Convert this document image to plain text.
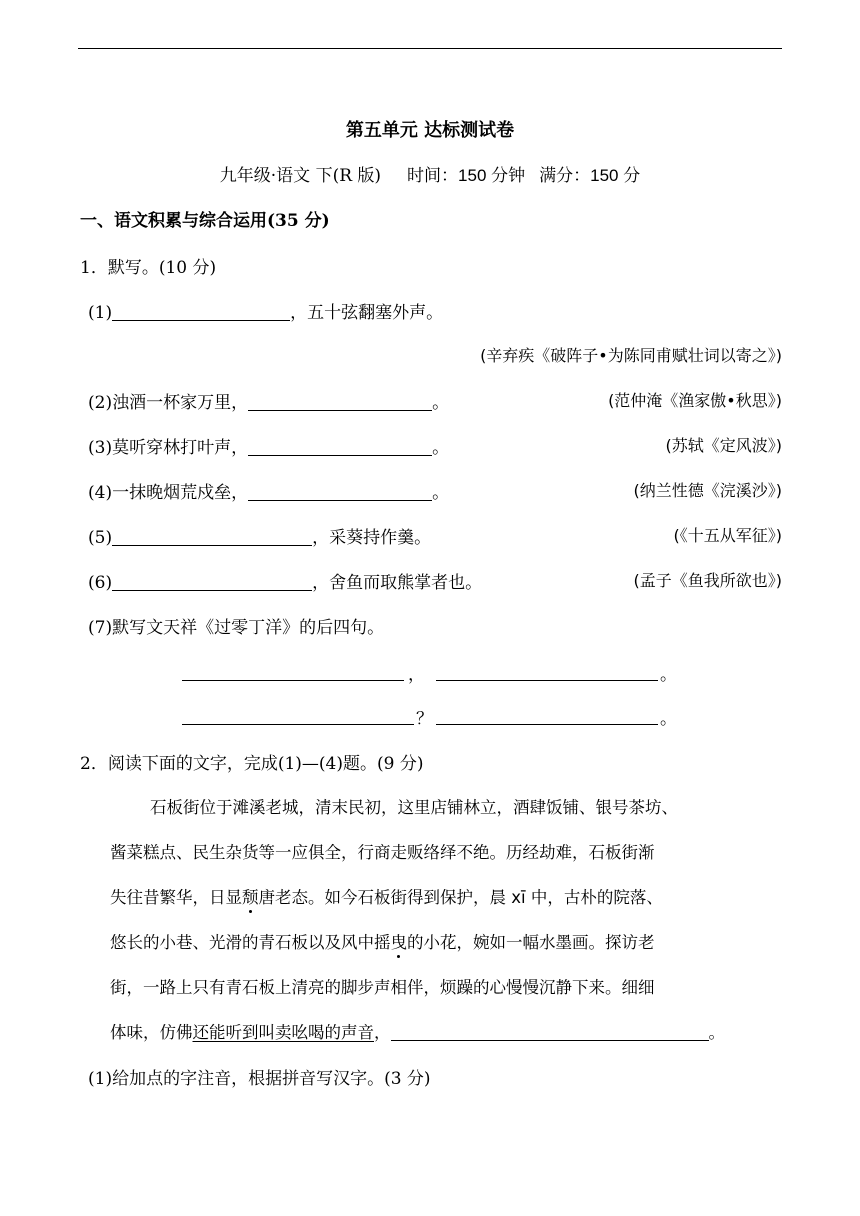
第五单元 达标测试卷
九年级·语文 下(R 版) 时间：150 分钟 满分：150 分
一、语文积累与综合运用(35 分)
1．默写。(10 分)
(1)	，五十弦翻塞外声。
(辛弃疾《破阵子•为陈同甫赋壮词以寄之》)
(2)浊酒一杯家万里，	。	(范仲淹《渔家傲•秋思》)
(3)莫听穿林打叶声，	。	(苏轼《定风波》)
(4)一抹晚烟荒戍垒，	。	(纳兰性德《浣溪沙》)
(5)	，采葵持作羹。	(《十五从军征》)
(6)	，舍鱼而取熊掌者也。	(孟子《鱼我所欲也》)
(7)默写文天祥《过零丁洋》的后四句。
，	。
？	。
2．阅读下面的文字，完成(1)—(4)题。(9 分)
石板街位于滩溪老城，清末民初，这里店铺林立，酒肆饭铺、银号茶坊、
酱菜糕点、民生杂货等一应俱全，行商走贩络绎不绝。历经劫难，石板街渐
失往昔繁华，日显颓唐老态。如今石板街得到保护，晨 xī 中，古朴的院落、
悠长的小巷、光滑的青石板以及风中摇曳的小花，婉如一幅水墨画。探访老
街，一路上只有青石板上清亮的脚步声相伴，烦躁的心慢慢沉静下来。细细
体味，仿佛还能听到叫卖吆喝的声音，	。
(1)给加点的字注音，根据拼音写汉字。(3 分)
